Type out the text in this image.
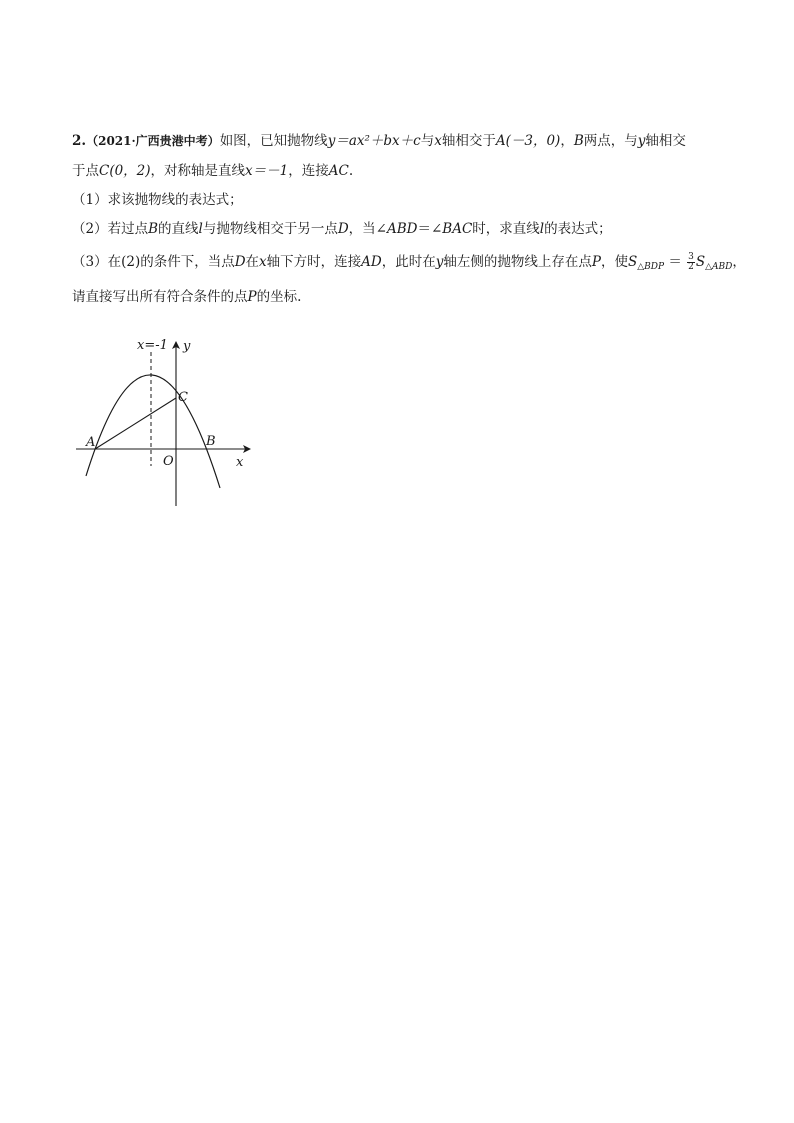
2.（2021·广西贵港中考）如图，已知抛物线y＝ax²＋bx＋c与x轴相交于A(－3，0)，B两点，与y轴相交
于点C(0，2)，对称轴是直线x＝－1，连接AC.
（1）求该抛物线的表达式；
（2）若过点B的直线l与抛物线相交于另一点D，当∠ABD＝∠BAC时，求直线l的表达式；
（3）在(2)的条件下，当点D在x轴下方时，连接AD，此时在y轴左侧的抛物线上存在点P，使$S_{\triangle BDP} = \frac{3}{2} S_{\triangle ABD}$，
请直接写出所有符合条件的点P的坐标.
x=-1 y
x
O
A	B
C
